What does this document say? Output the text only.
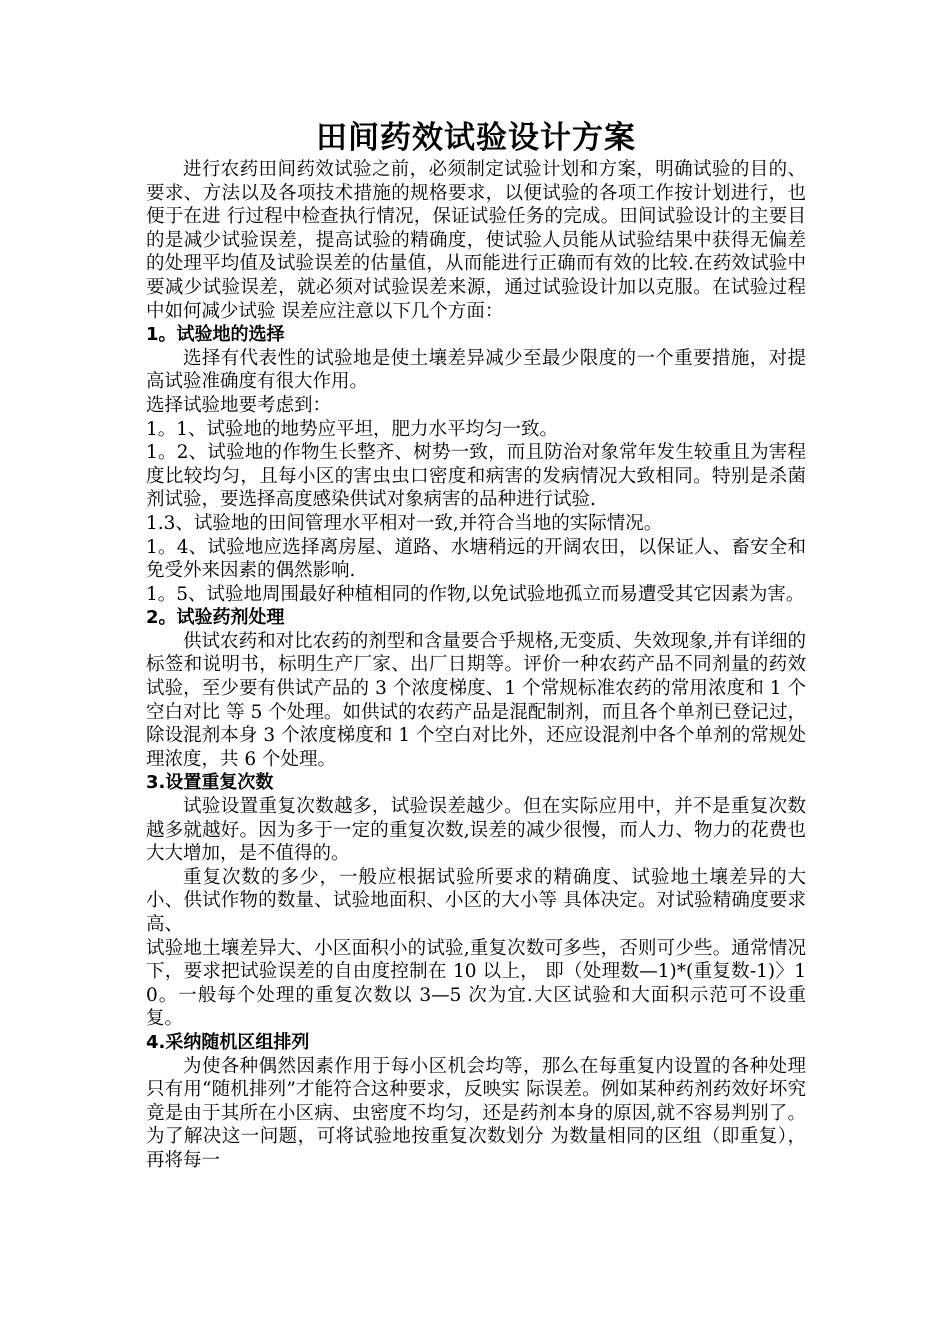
田间药效试验设计方案

进行农药田间药效试验之前，必须制定试验计划和方案，明确试验的目的、要求、方法以及各项技术措施的规格要求，以便试验的各项工作按计划进行，也便于在进 行过程中检查执行情况，保证试验任务的完成。田间试验设计的主要目的是减少试验误差，提高试验的精确度，使试验人员能从试验结果中获得无偏差的处理平均值及试验误差的估量值，从而能进行正确而有效的比较.在药效试验中要减少试验误差，就必须对试验误差来源，通过试验设计加以克服。在试验过程中如何减少试验 误差应注意以下几个方面：

1。试验地的选择

选择有代表性的试验地是使土壤差异减少至最少限度的一个重要措施，对提高试验准确度有很大作用。

选择试验地要考虑到：

1。1、试验地的地势应平坦，肥力水平均匀一致。

1。2、试验地的作物生长整齐、树势一致，而且防治对象常年发生较重且为害程度比较均匀，且每小区的害虫虫口密度和病害的发病情况大致相同。特别是杀菌剂试验，要选择高度感染供试对象病害的品种进行试验.

1.3、试验地的田间管理水平相对一致,并符合当地的实际情况。

1。4、试验地应选择离房屋、道路、水塘稍远的开阔农田，以保证人、畜安全和免受外来因素的偶然影响.

1。5、试验地周围最好种植相同的作物,以免试验地孤立而易遭受其它因素为害。

2。试验药剂处理

供试农药和对比农药的剂型和含量要合乎规格,无变质、失效现象,并有详细的标签和说明书，标明生产厂家、出厂日期等。评价一种农药产品不同剂量的药效试验，至少要有供试产品的 3 个浓度梯度、1 个常规标准农药的常用浓度和 1 个空白对比 等 5 个处理。如供试的农药产品是混配制剂，而且各个单剂已登记过，除设混剂本身 3 个浓度梯度和 1 个空白对比外，还应设混剂中各个单剂的常规处理浓度，共 6 个处理。

3.设置重复次数

试验设置重复次数越多，试验误差越少。但在实际应用中，并不是重复次数越多就越好。因为多于一定的重复次数,误差的减少很慢，而人力、物力的花费也大大增加，是不值得的。

重复次数的多少，一般应根据试验所要求的精确度、试验地土壤差异的大小、供试作物的数量、试验地面积、小区的大小等 具体决定。对试验精确度要求高、

试验地土壤差异大、小区面积小的试验,重复次数可多些，否则可少些。通常情况下，要求把试验误差的自由度控制在 10 以上， 即（处理数—1)*(重复数-1)〉10。一般每个处理的重复次数以 3—5 次为宜.大区试验和大面积示范可不设重复。

4.采纳随机区组排列

为使各种偶然因素作用于每小区机会均等，那么在每重复内设置的各种处理只有用“随机排列”才能符合这种要求，反映实 际误差。例如某种药剂药效好坏究竟是由于其所在小区病、虫密度不均匀，还是药剂本身的原因,就不容易判别了。为了解决这一问题，可将试验地按重复次数划分 为数量相同的区组（即重复），再将每一
